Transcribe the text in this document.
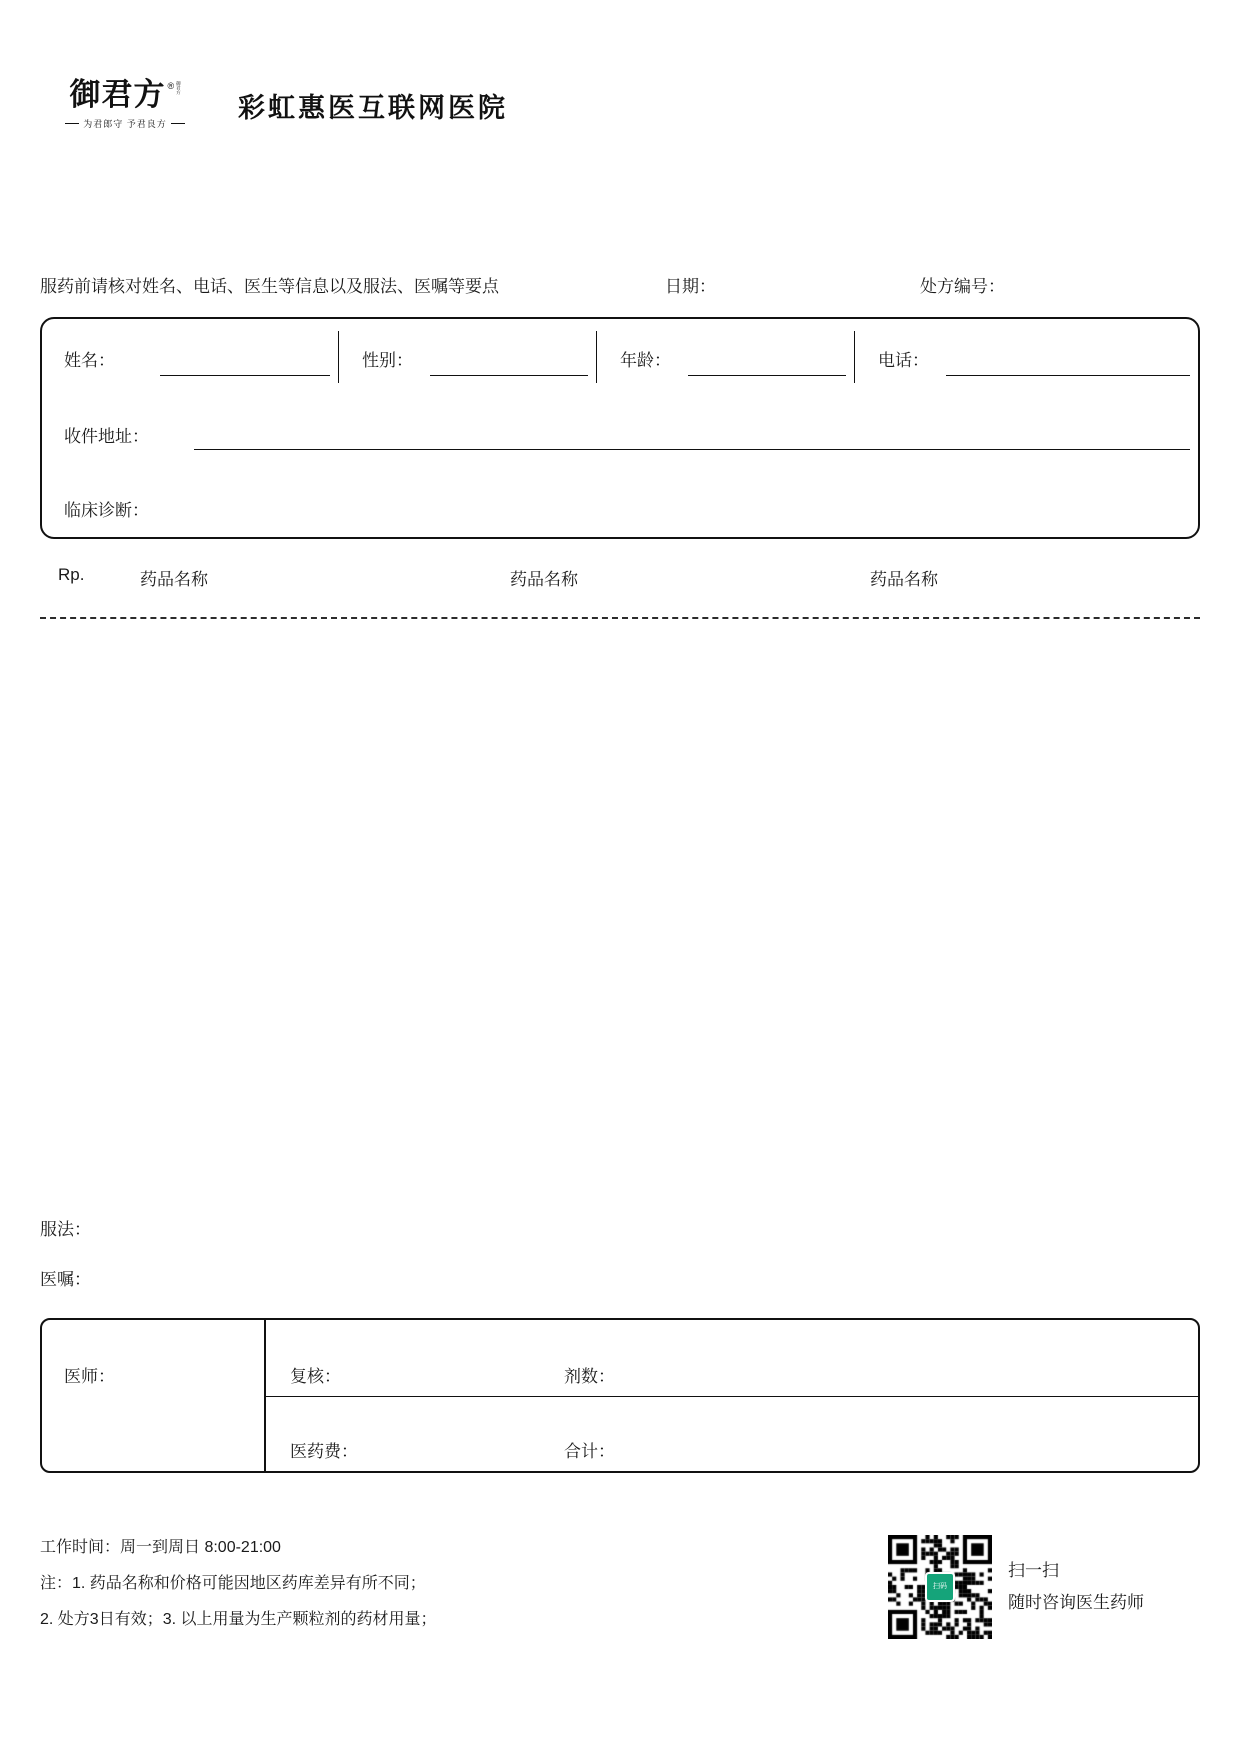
御君方 ® 御君方
为君郎守 予君良方
彩虹惠医互联网医院
服药前请核对姓名、电话、医生等信息以及服法、医嘱等要点	日期：	处方编号：
姓名：	性别：	年龄：	电话：
收件地址：
临床诊断：
Rp.	药品名称	药品名称	药品名称
服法：
医嘱：
医师：	复核：	剂数：
医药费：	合计：
工作时间：周一到周日 8:00-21:00
注：1. 药品名称和价格可能因地区药库差异有所不同；
2. 处方3日有效；3. 以上用量为生产颗粒剂的药材用量；
扫码
扫一扫
随时咨询医生药师
